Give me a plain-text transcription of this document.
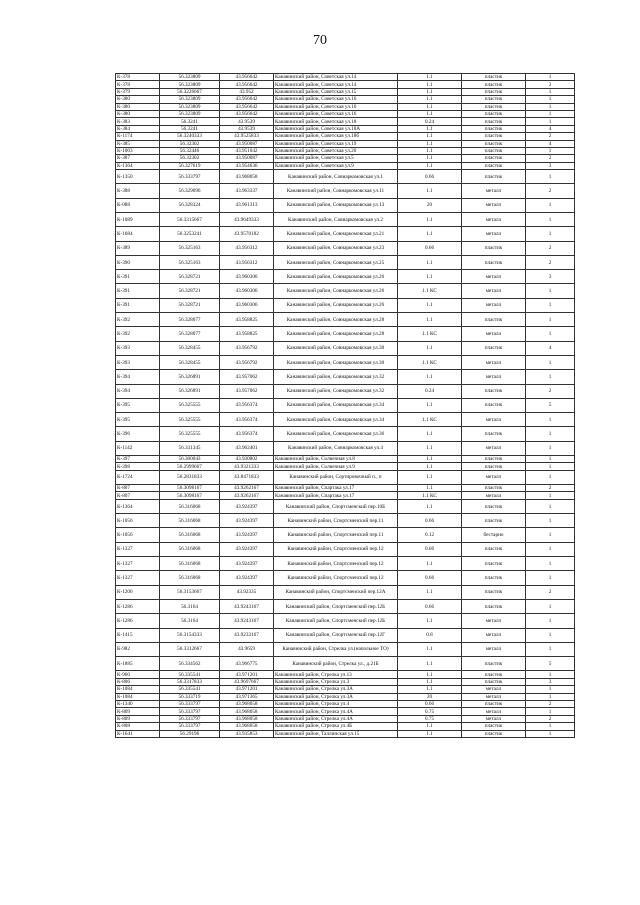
70
К-378	56.323809	43.956642	Канавинский район, Советская ул.14	1.1	пластик	1
К-378	56.323809	43.956642	Канавинский район, Советская ул.14	1.1	пластик	2
К-379	56.3226667	43.952	Канавинский район, Советская ул.15	1.1	пластик	1
К-380	56.323809	43.956642	Канавинский район, Советская ул.16	1.1	пластик	1
К-380	56.323809	43.956642	Канавинский район, Советская ул.16	1.1	пластик	1
К-380	56.323809	43.956642	Канавинский район, Советская ул.16	1.1	пластик	1
К-383	56.3241	43.9539	Канавинский район, Советская ул.18	0.24	пластик	1
К-384	56.3241	43.9539	Канавинский район, Советская ул.18А	1.1	пластик	4
К-1174	56.3240333	43.9525833	Канавинский район, Советская ул.18б	1.1	пластик	2
К-385	56.32302	43.950087	Канавинский район, Советская ул.19	1.1	пластик	4
К-1003	56.32446	43.951042	Канавинский район, Советская ул.20	1.1	пластик	1
К-387	56.32302	43.950087	Канавинский район, Советская ул.5	1.1	пластик	2
К-1364	56.327619	43.954636	Канавинский район, Советская ул.9	1.1	пластик	3
К-1350	56.333797	43.968058	Канавинский район, Совнаркомовская ул.1	0.66	пластик	1
К-388	56.329096	43.963337	Канавинский район, Совнаркомовская ул.11	1.1	металл	2
К-088	56.328324	43.961313	Канавинский район, Совнаркомовская ул.13	20	металл	1
К-1089	56.3315667	43.9649333	Канавинский район, Совнаркомовская ул.2	1.1	металл	1
К-1684	56.3253241	43.9570182	Канавинский район, Совнаркомовская ул.21	1.1	металл	1
К-389	56.325163	43.956312	Канавинский район, Совнаркомовская ул.23	0.66	пластик	2
К-390	56.325163	43.956312	Канавинский район, Совнаркомовская ул.25	1.1	пластик	2
К-391	56.328721	43.960306	Канавинский район, Совнаркомовская ул.26	1.1	металл	3
К-391	56.328721	43.960306	Канавинский район, Совнаркомовская ул.26	1.1 КС	металл	1
К-391	56.328721	43.960306	Канавинский район, Совнаркомовская ул.26	1.1	металл	1
К-392	56.328077	43.958825	Канавинский район, Совнаркомовская ул.28	1.1	пластик	1
К-392	56.328077	43.958825	Канавинский район, Совнаркомовская ул.28	1.1 КС	металл	1
К-393	56.328455	43.956792	Канавинский район, Совнаркомовская ул.30	1.1	пластик	4
К-393	56.328455	43.956792	Канавинский район, Совнаркомовская ул.30	1.1 КС	металл	1
К-394	56.326891	43.957062	Канавинский район, Совнаркомовская ул.32	1.1	металл	1
К-394	56.326891	43.957062	Канавинский район, Совнаркомовская ул.32	0.24	пластик	2
К-395	56.325555	43.956374	Канавинский район, Совнаркомовская ул.34	1.1	пластик	5
К-395	56.325555	43.956374	Канавинский район, Совнаркомовская ул.34	1.1 КС	металл	1
К-396	56.325555	43.956374	Канавинский район, Совнаркомовская ул.36	1.1	пластик	1
К-1142	56.331345	43.962401	Канавинский район, Совнаркомовская ул.4	1.1	металл	1
К-397	56.300043	43.930802	Канавинский район, Солнечная ул.8	1.1	пластик	1
К-398	56.2999667	43.9321333	Канавинский район, Солнечная ул.9	1.1	пластик	1
К-1724	56.2831833	43.8471833	Канавинский район, Сортировочный п., п	1.1	металл	1
К-807	56.3098167	43.9262167	Канавинский район, Спартака ул.17	1.1	пластик	2
К-807	56.3098167	43.9262167	Канавинский район, Спартака ул.17	1.1 КС	металл	1
К-1364	56.316068	43.924397	Канавинский район, Спортсменский пер.10Б	1.1	пластик	1
К-1056	56.316068	43.924397	Канавинский район, Спортсменский пер.11	0.66	пластик	1
К-1056	56.316068	43.924397	Канавинский район, Спортсменский пер.11	0.12	бестарно	1
К-1327	56.316068	43.924397	Канавинский район, Спортсменский пер.12	0.66	пластик	1
К-1327	56.316068	43.924397	Канавинский район, Спортсменский пер.12	1.1	пластик	1
К-1327	56.316068	43.924397	Канавинский район, Спортсменский пер.12	0.66	пластик	1
К-1200	56.3153667	43.92335	Канавинский район, Спортсменский пер.12А	1.1	пластик	2
К-1286	56.3164	43.9243167	Канавинский район, Спортсменский пер.12Б	0.66	пластик	1
К-1286	56.3164	43.9243167	Канавинский район, Спортсменский пер.12Б	1.1	металл	1
К-1415	56.3154333	43.9233167	Канавинский район, Спортсменский пер.12Г	0.8	металл	1
К-982	56.3312667	43.9659	Канавинский район, Стрелка ул.(напольное ТО)	1.1	металл	1
К-1885	56.334562	43.966775	Канавинский район, Стрелка ул., д.21Б	1.1	пластик	5
К-960	56.335541	43.971201	Канавинский район, Стрелка ул.13	1.1	пластик	1
К-806	56.3317833	43.9697667	Канавинский район, Стрелка ул.3	1.1	пластик	3
К-1084	56.335541	43.971201	Канавинский район, Стрелка ул.3А	1.1	металл	1
К-1084	56.333719	43.971365	Канавинский район, Стрелка ул.3А	20	металл	1
К-1340	56.333797	43.968058	Канавинский район, Стрелка ул.4	0.66	пластик	2
К-809	56.333797	43.968058	Канавинский район, Стрелка ул.4А	0.75	металл	1
К-809	56.333797	43.968058	Канавинский район, Стрелка ул.4А	0.75	металл	2
К-808	56.333797	43.968058	Канавинский район, Стрелка ул.4Б	1.1	пластик	1
К-1641	56.29196	43.935853	Канавинский район, Таллинская ул.15	1.1	пластик	1
